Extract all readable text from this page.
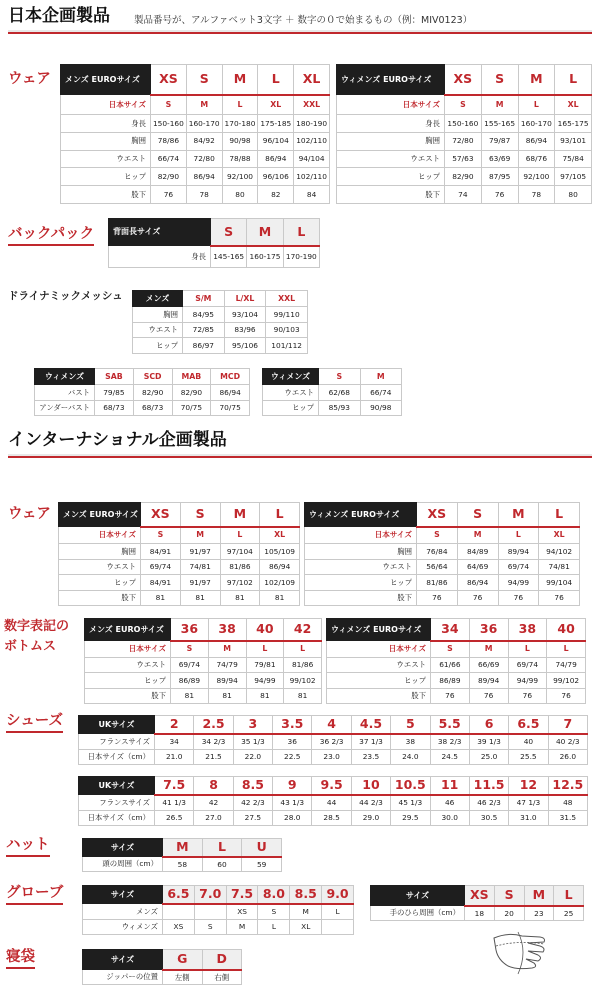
日本企画製品	製品番号が、アルファベット3文字 ＋ 数字の０で始まるもの（例：MIV0123）
ウェア メンズ EUROサイズ	XS	S	M	L	XL
日本サイズ	S	M	L	XL	XXL
身長	150-160	160-170	170-180	175-185	180-190
胸囲	78/86	84/92	90/98	96/104	102/110
ウエスト	66/74	72/80	78/88	86/94	94/104
ヒップ	82/90	86/94	92/100	96/106	102/110
股下	76	78	80	82	84
ウィメンズ EUROサイズ	XS	S	M	L
日本サイズ	S	M	L	XL
身長	150-160	155-165	160-170	165-175
胸囲	72/80	79/87	86/94	93/101
ウエスト	57/63	63/69	68/76	75/84
ヒップ	82/90	87/95	92/100	97/105
股下	74	76	78	80
バックパック 背面長サイズ	S	M	L
身長	145-165	160-175	170-190
ドライナミックメッシュ	メンズ	S/M	L/XL	XXL
胸囲	84/95	93/104	99/110
ウエスト	72/85	83/96	90/103
ヒップ	86/97	95/106	101/112
ウィメンズ	SAB	SCD	MAB	MCD
バスト	79/85	82/90	82/90	86/94
アンダーバスト	68/73	68/73	70/75	70/75
ウィメンズ	S	M
ウエスト	62/68	66/74
ヒップ	85/93	90/98
インターナショナル企画製品
ウェア メンズ EUROサイズ	XS	S	M	L
日本サイズ	S	M	L	XL
胸囲	84/91	91/97	97/104	105/109
ウエスト	69/74	74/81	81/86	86/94
ヒップ	84/91	91/97	97/102	102/109
股下	81	81	81	81
ウィメンズ EUROサイズ	XS	S	M	L
日本サイズ	S	M	L	XL
胸囲	76/84	84/89	89/94	94/102
ウエスト	56/64	64/69	69/74	74/81
ヒップ	81/86	86/94	94/99	99/104
股下	76	76	76	76
数字表記の
ボトムス
メンズ EUROサイズ	36	38	40	42
日本サイズ	S	M	L	L
ウエスト	69/74	74/79	79/81	81/86
ヒップ	86/89	89/94	94/99	99/102
股下	81	81	81	81
ウィメンズ EUROサイズ	34	36	38	40
日本サイズ	S	M	L	L
ウエスト	61/66	66/69	69/74	74/79
ヒップ	86/89	89/94	94/99	99/102
股下	76	76	76	76
シューズ	UKサイズ	2	2.5	3	3.5	4	4.5	5	5.5	6	6.5	7
フランスサイズ	34	34 2/3	35 1/3	36	36 2/3	37 1/3	38	38 2/3	39 1/3	40	40 2/3
日本サイズ（cm）	21.0	21.5	22.0	22.5	23.0	23.5	24.0	24.5	25.0	25.5	26.0
UKサイズ	7.5	8	8.5	9	9.5	10	10.5	11	11.5	12	12.5
フランスサイズ	41 1/3	42	42 2/3	43 1/3	44	44 2/3	45 1/3	46	46 2/3	47 1/3	48
日本サイズ（cm）	26.5	27.0	27.5	28.0	28.5	29.0	29.5	30.0	30.5	31.0	31.5
ハット	サイズ	M	L	U
頭の周囲（cm）	58	60	59
グローブ	サイズ	6.5	7.0	7.5	8.0	8.5	9.0
メンズ			XS	S	M	L
ウィメンズ	XS	S	M	L	XL	
サイズ	XS	S	M	L
手のひら周囲（cm）	18	20	23	25
寝袋	サイズ	G	D
ジッパーの位置	左側	右側
